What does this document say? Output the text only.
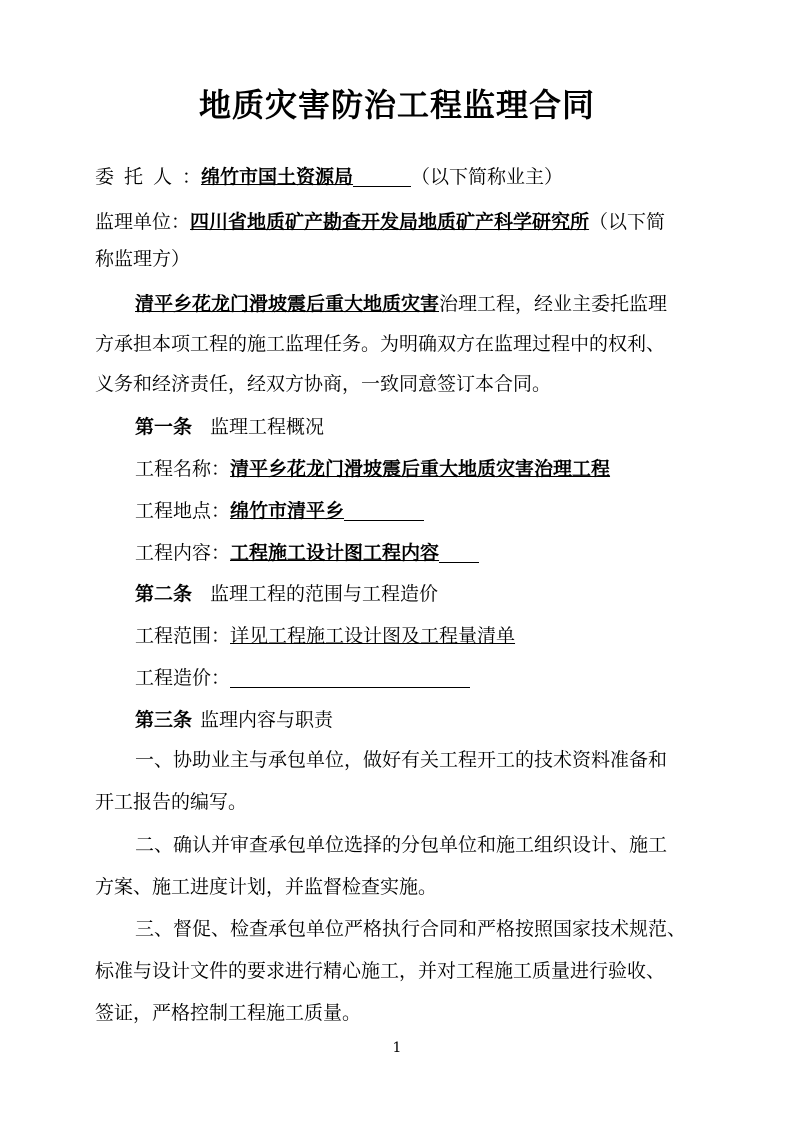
地质灾害防治工程监理合同
委托人：绵竹市国土资源局	（以下简称业主）
监理单位：四川省地质矿产勘查开发局地质矿产科学研究所（以下简
称监理方）
清平乡花龙门滑坡震后重大地质灾害治理工程，经业主委托监理
方承担本项工程的施工监理任务。为明确双方在监理过程中的权利、
义务和经济责任，经双方协商，一致同意签订本合同。
第一条 监理工程概况
工程名称：清平乡花龙门滑坡震后重大地质灾害治理工程
工程地点：绵竹市清平乡
工程内容：工程施工设计图工程内容
第二条 监理工程的范围与工程造价
工程范围：详见工程施工设计图及工程量清单
工程造价：
第三条 监理内容与职责
一、协助业主与承包单位，做好有关工程开工的技术资料准备和
开工报告的编写。
二、确认并审查承包单位选择的分包单位和施工组织设计、施工
方案、施工进度计划，并监督检查实施。
三、督促、检查承包单位严格执行合同和严格按照国家技术规范、
标准与设计文件的要求进行精心施工，并对工程施工质量进行验收、
签证，严格控制工程施工质量。
1
